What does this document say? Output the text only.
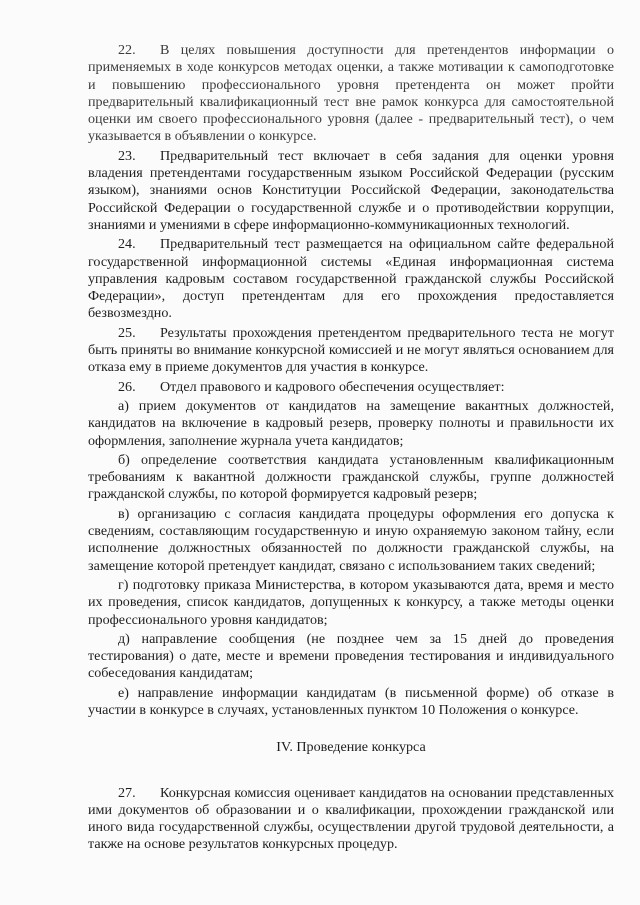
22. В целях повышения доступности для претендентов информации о применяемых в ходе конкурсов методах оценки, а также мотивации к самоподготовке и повышению профессионального уровня претендента он может пройти предварительный квалификационный тест вне рамок конкурса для самостоятельной оценки им своего профессионального уровня (далее - предварительный тест), о чем указывается в объявлении о конкурсе.

23. Предварительный тест включает в себя задания для оценки уровня владения претендентами государственным языком Российской Федерации (русским языком), знаниями основ Конституции Российской Федерации, законодательства Российской Федерации о государственной службе и о противодействии коррупции, знаниями и умениями в сфере информационно-коммуникационных технологий.

24. Предварительный тест размещается на официальном сайте федеральной государственной информационной системы «Единая информационная система управления кадровым составом государственной гражданской службы Российской Федерации», доступ претендентам для его прохождения предоставляется безвозмездно.

25. Результаты прохождения претендентом предварительного теста не могут быть приняты во внимание конкурсной комиссией и не могут являться основанием для отказа ему в приеме документов для участия в конкурсе.

26. Отдел правового и кадрового обеспечения осуществляет:

а) прием документов от кандидатов на замещение вакантных должностей, кандидатов на включение в кадровый резерв, проверку полноты и правильности их оформления, заполнение журнала учета кандидатов;

б) определение соответствия кандидата установленным квалификационным требованиям к вакантной должности гражданской службы, группе должностей гражданской службы, по которой формируется кадровый резерв;

в) организацию с согласия кандидата процедуры оформления его допуска к сведениям, составляющим государственную и иную охраняемую законом тайну, если исполнение должностных обязанностей по должности гражданской службы, на замещение которой претендует кандидат, связано с использованием таких сведений;

г) подготовку приказа Министерства, в котором указываются дата, время и место их проведения, список кандидатов, допущенных к конкурсу, а также методы оценки профессионального уровня кандидатов;

д) направление сообщения (не позднее чем за 15 дней до проведения тестирования) о дате, месте и времени проведения тестирования и индивидуального собеседования кандидатам;

е) направление информации кандидатам (в письменной форме) об отказе в участии в конкурсе в случаях, установленных пунктом 10 Положения о конкурсе.

IV. Проведение конкурса

27. Конкурсная комиссия оценивает кандидатов на основании представленных ими документов об образовании и о квалификации, прохождении гражданской или иного вида государственной службы, осуществлении другой трудовой деятельности, а также на основе результатов конкурсных процедур.
